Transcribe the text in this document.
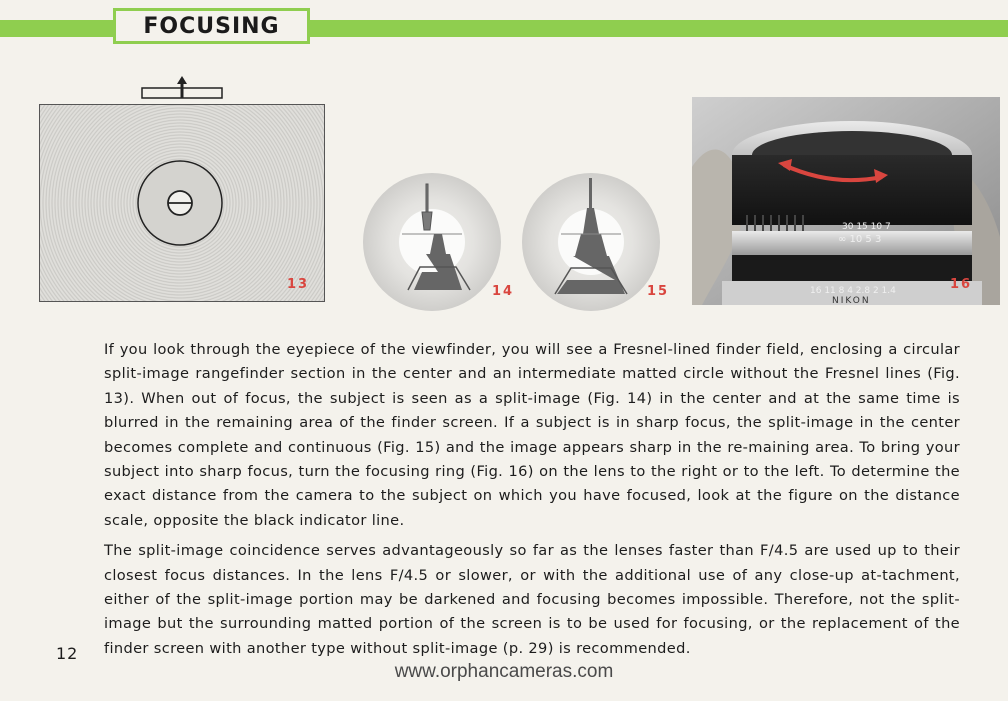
FOCUSING
13	14	15
30 15 10 7
∞ 10 5 3
16 11 8 4 2.8 2 1.4
NIKON
16

If you look through the eyepiece of the viewfinder, you will see a Fresnel-lined finder field, enclosing a circular split-image rangefinder section in the center and an intermediate matted circle without the Fresnel lines (Fig. 13). When out of focus, the subject is seen as a split-image (Fig. 14) in the center and at the same time is blurred in the remaining area of the finder screen. If a subject is in sharp focus, the split-image in the center becomes complete and continuous (Fig. 15) and the image appears sharp in the re-maining area. To bring your subject into sharp focus, turn the focusing ring (Fig. 16) on the lens to the right or to the left. To determine the exact distance from the camera to the subject on which you have focused, look at the figure on the distance scale, opposite the black indicator line.

The split-image coincidence serves advantageously so far as the lenses faster than F/4.5 are used up to their closest focus distances. In the lens F/4.5 or slower, or with the additional use of any close-up at-tachment, either of the split-image portion may be darkened and focusing becomes impossible. Therefore, not the split-image but the surrounding matted portion of the screen is to be used for focusing, or the replacement of the finder screen with another type without split-image (p. 29) is recommended.

12
www.orphancameras.com
